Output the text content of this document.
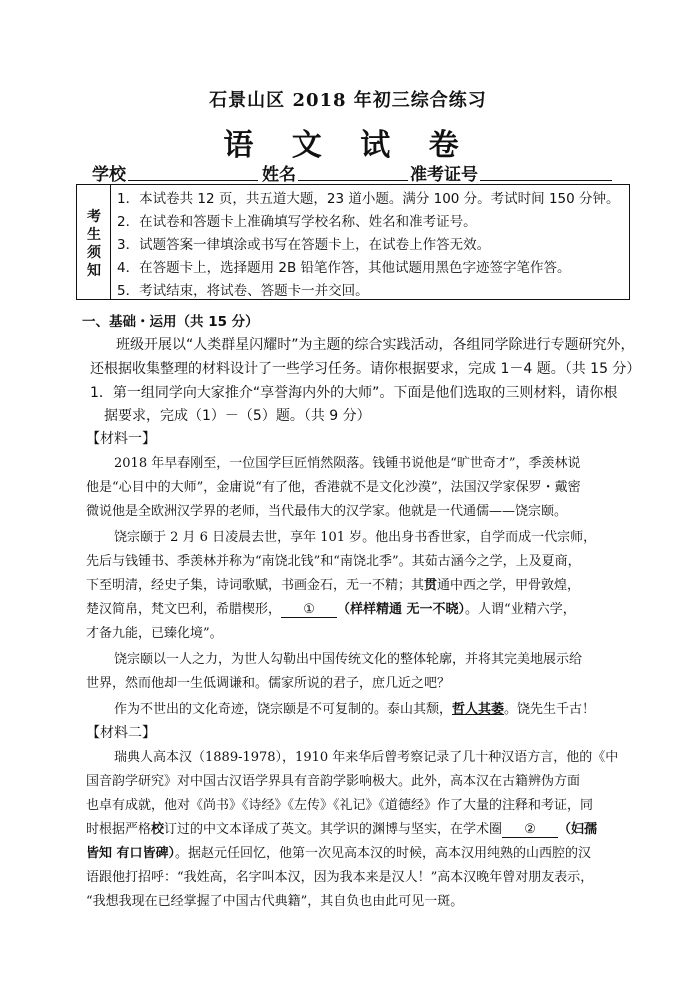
石景山区 2018 年初三综合练习
语 文 试 卷
学校	姓名	准考证号
考
生
须
知
1．本试卷共 12 页，共五道大题，23 道小题。满分 100 分。考试时间 150 分钟。
2．在试卷和答题卡上准确填写学校名称、姓名和准考证号。
3．试题答案一律填涂或书写在答题卡上，在试卷上作答无效。
4．在答题卡上，选择题用 2B 铅笔作答，其他试题用黑色字迹签字笔作答。
5．考试结束，将试卷、答题卡一并交回。
一、基础・运用（共 15 分）
班级开展以“人类群星闪耀时”为主题的综合实践活动，各组同学除进行专题研究外，
还根据收集整理的材料设计了一些学习任务。请你根据要求，完成 1－4 题。（共 15 分）
1．第一组同学向大家推介“享誉海内外的大师”。下面是他们选取的三则材料，请你根
据要求，完成（1）－（5）题。（共 9 分）
【材料一】
2018 年早春刚至，一位国学巨匠悄然陨落。钱锺书说他是“旷世奇才”，季羡林说
他是“心目中的大师”，金庸说“有了他，香港就不是文化沙漠”，法国汉学家保罗・戴密
微说他是全欧洲汉学界的老师，当代最伟大的汉学家。他就是一代通儒——饶宗颐。
饶宗颐于 2 月 6 日凌晨去世，享年 101 岁。他出身书香世家，自学而成一代宗师，
先后与钱锺书、季羡林并称为“南饶北钱”和“南饶北季”。其茹古涵今之学，上及夏商，
下至明清，经史子集，诗词歌赋，书画金石，无一不精；其贯通中西之学，甲骨敦煌，
楚汉简帛，梵文巴利，希腊楔形， ① （样样精通 无一不晓）。人谓“业精六学，
才备九能，已臻化境”。
饶宗颐以一人之力，为世人勾勒出中国传统文化的整体轮廓，并将其完美地展示给
世界，然而他却一生低调谦和。儒家所说的君子，庶几近之吧？
作为不世出的文化奇迹，饶宗颐是不可复制的。泰山其颓，哲人其萎。饶先生千古！
【材料二】
瑞典人高本汉（1889-1978），1910 年来华后曾考察记录了几十种汉语方言，他的《中
国音韵学研究》对中国古汉语学界具有音韵学影响极大。此外，高本汉在古籍辨伪方面
也卓有成就，他对《尚书》《诗经》《左传》《礼记》《道德经》作了大量的注释和考证，同
时根据严格校订过的中文本译成了英文。其学识的渊博与坚实，在学术圈 ② （妇孺
皆知 有口皆碑）。据赵元任回忆，他第一次见高本汉的时候，高本汉用纯熟的山西腔的汉
语跟他打招呼：“我姓高，名字叫本汉，因为我本来是汉人！”高本汉晚年曾对朋友表示，
“我想我现在已经掌握了中国古代典籍”，其自负也由此可见一斑。
